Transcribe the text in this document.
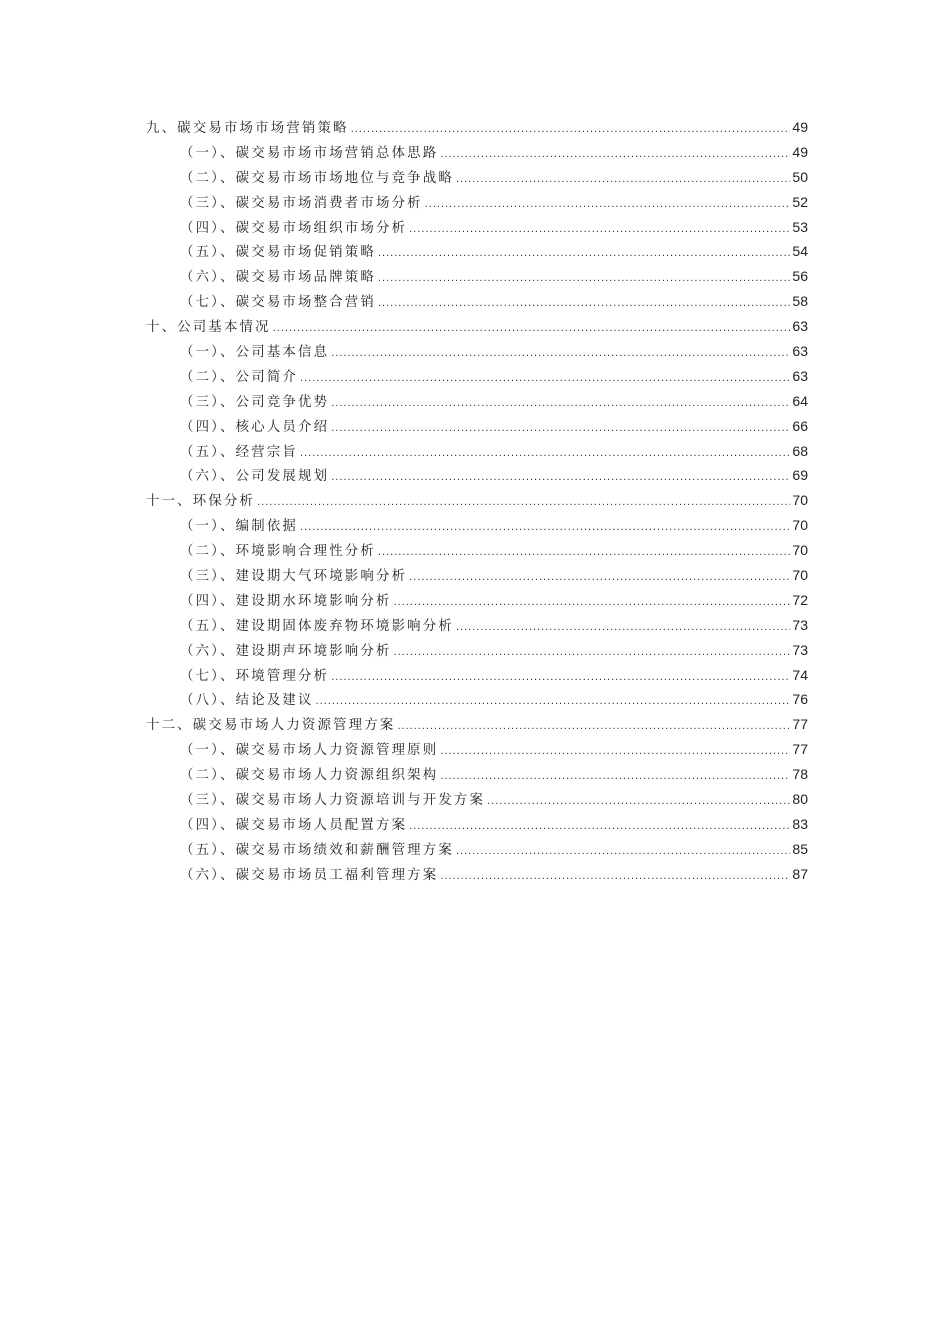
九、碳交易市场市场营销策略 .....	49
（一）、碳交易市场市场营销总体思路 .....	49
（二）、碳交易市场市场地位与竞争战略 .....	50
（三）、碳交易市场消费者市场分析 .....	52
（四）、碳交易市场组织市场分析 .....	53
（五）、碳交易市场促销策略 .....	54
（六）、碳交易市场品牌策略 .....	56
（七）、碳交易市场整合营销 .....	58
十、公司基本情况 .....	63
（一）、公司基本信息 .....	63
（二）、公司简介 .....	63
（三）、公司竞争优势 .....	64
（四）、核心人员介绍 .....	66
（五）、经营宗旨 .....	68
（六）、公司发展规划 .....	69
十一、环保分析 .....	70
（一）、编制依据 .....	70
（二）、环境影响合理性分析 .....	70
（三）、建设期大气环境影响分析 .....	70
（四）、建设期水环境影响分析 .....	72
（五）、建设期固体废弃物环境影响分析 .....	73
（六）、建设期声环境影响分析 .....	73
（七）、环境管理分析 .....	74
（八）、结论及建议 .....	76
十二、碳交易市场人力资源管理方案 .....	77
（一）、碳交易市场人力资源管理原则 .....	77
（二）、碳交易市场人力资源组织架构 .....	78
（三）、碳交易市场人力资源培训与开发方案 .....	80
（四）、碳交易市场人员配置方案 .....	83
（五）、碳交易市场绩效和薪酬管理方案 .....	85
（六）、碳交易市场员工福利管理方案 .....	87
